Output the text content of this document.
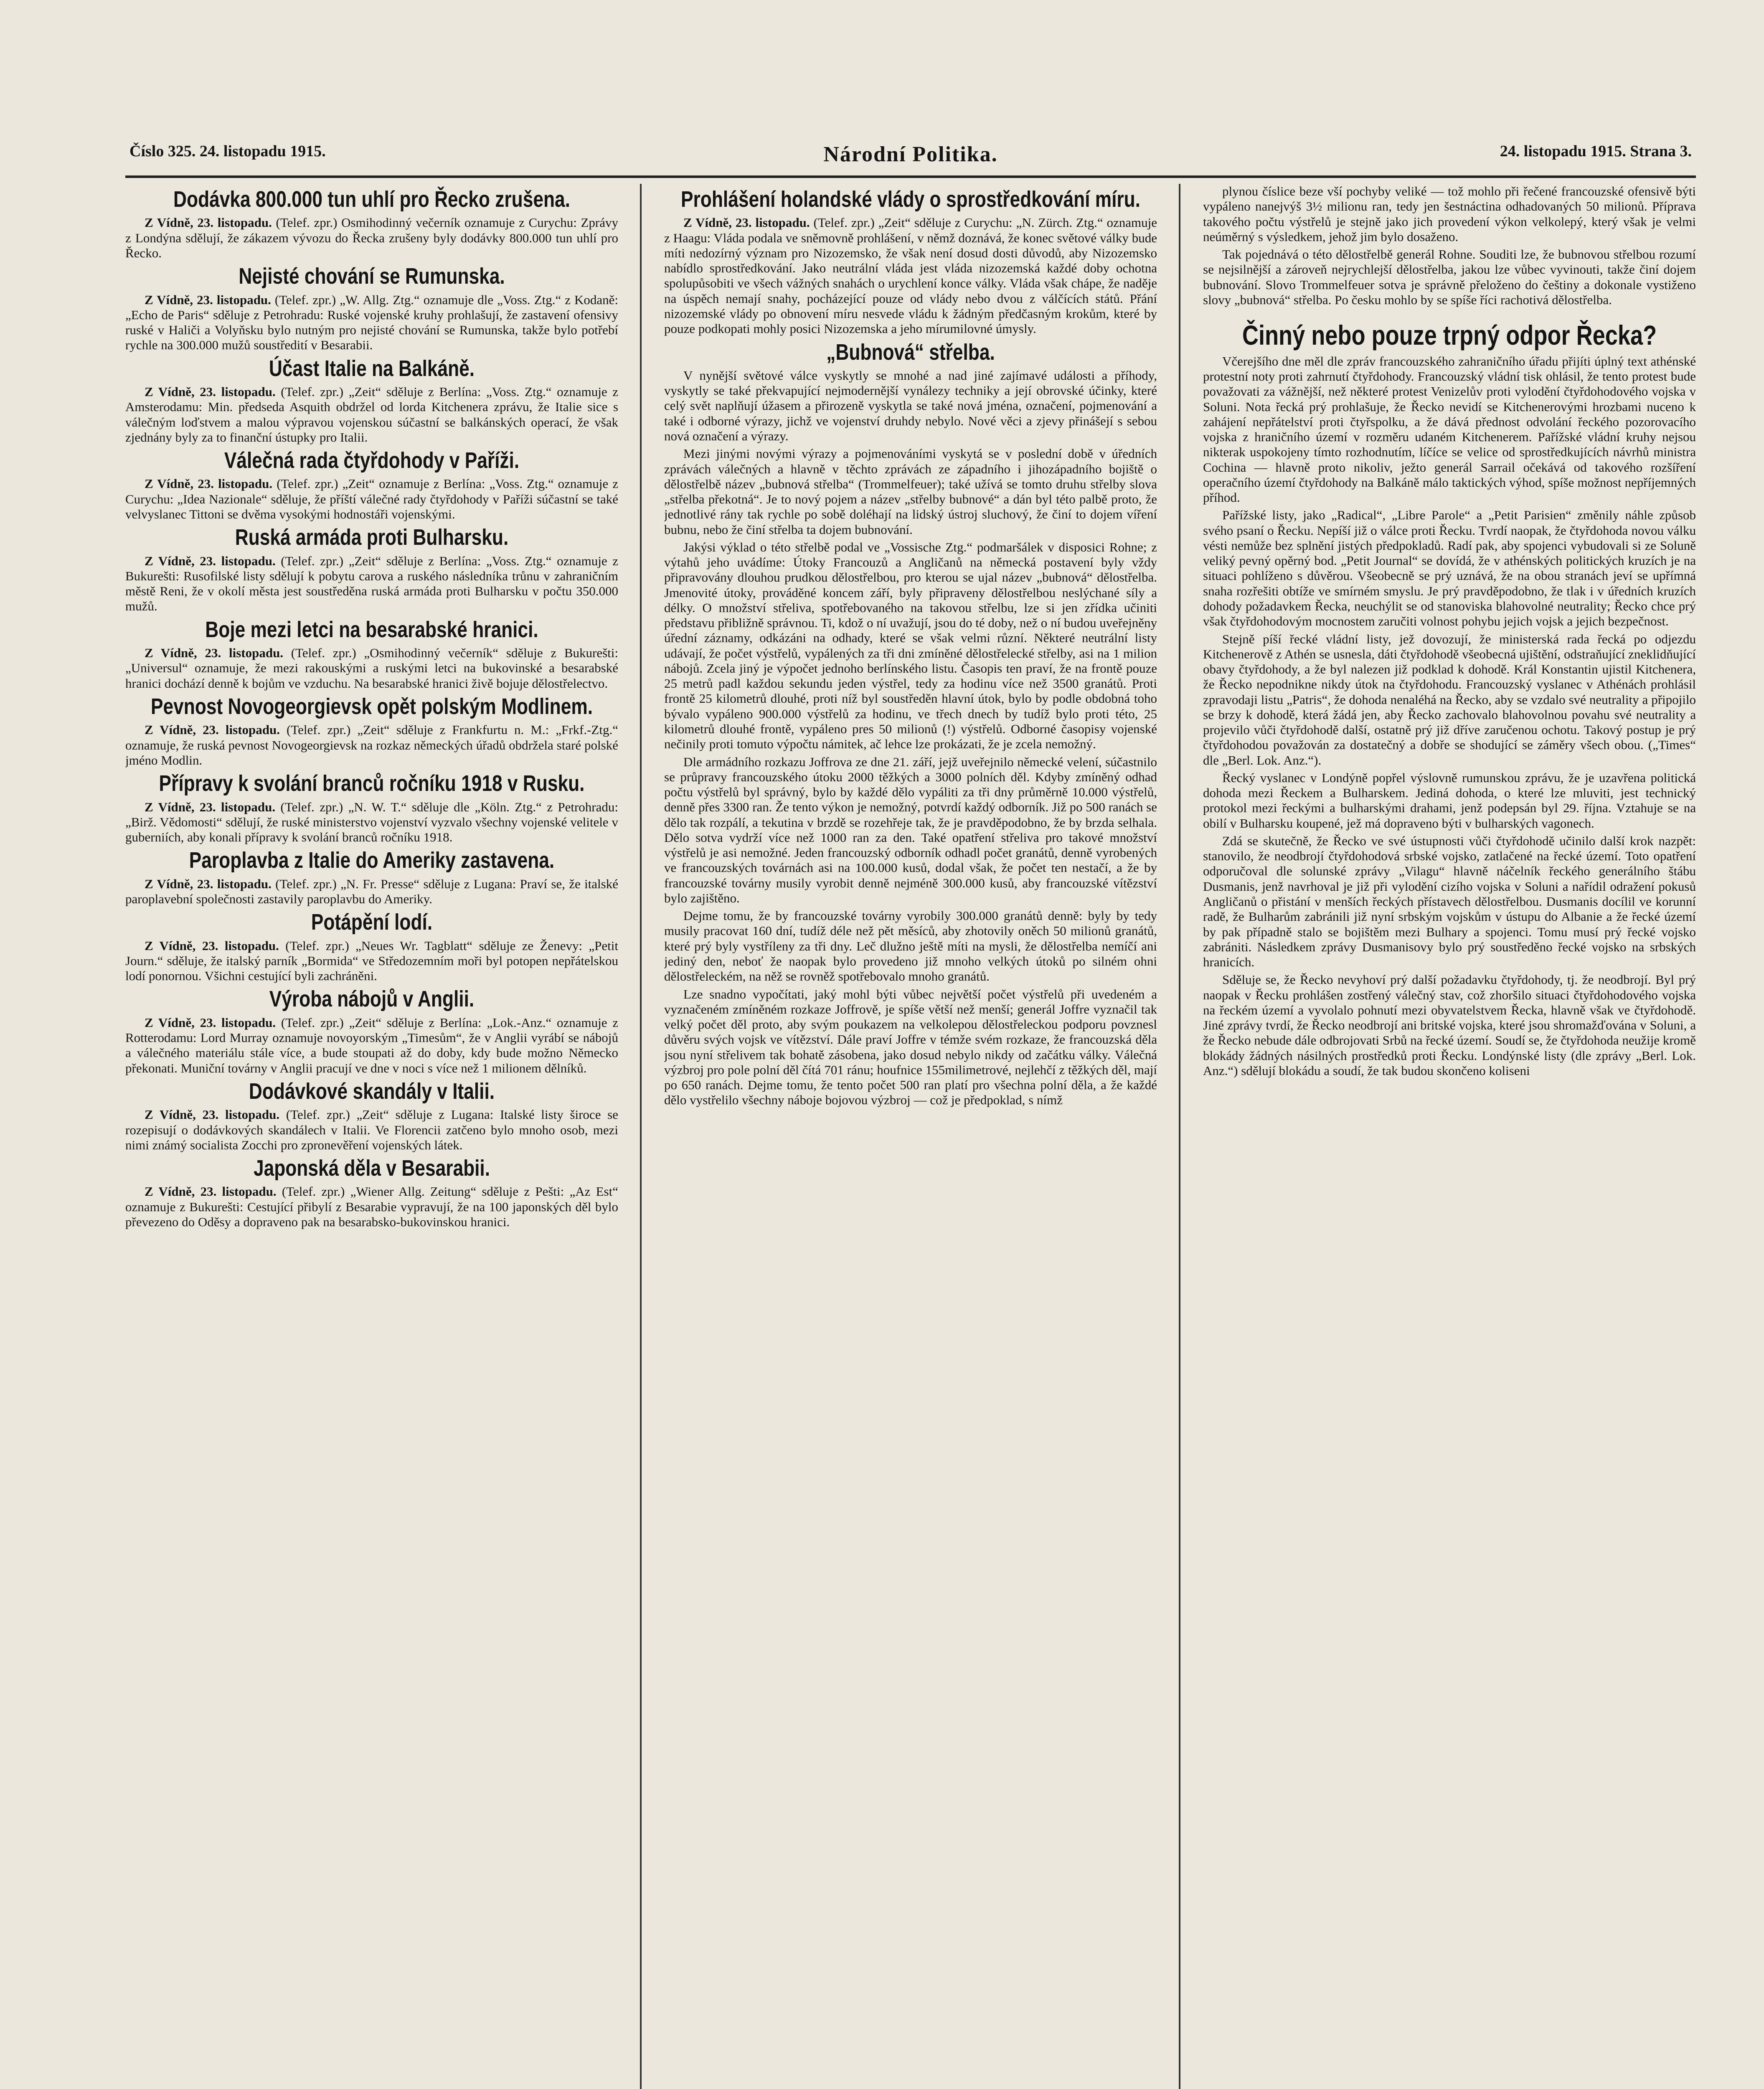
Číslo 325. 24. listopadu 1915.	Národní Politika.	24. listopadu 1915. Strana 3.
Dodávka 800.000 tun uhlí pro Řecko zrušena.

Z Vídně, 23. listopadu. (Telef. zpr.) Osmihodinný večerník oznamuje z Curychu: Zprávy z Londýna sdělují, že zákazem vývozu do Řecka zrušeny byly dodávky 800.000 tun uhlí pro Řecko.

Nejisté chování se Rumunska.

Z Vídně, 23. listopadu. (Telef. zpr.) „W. Allg. Ztg.“ oznamuje dle „Voss. Ztg.“ z Kodaně: „Echo de Paris“ sděluje z Petrohradu: Ruské vojenské kruhy prohlašují, že zastavení ofensivy ruské v Haliči a Volyňsku bylo nutným pro nejisté chování se Rumunska, takže bylo potřebí rychle na 300.000 mužů soustředití v Besarabii.

Účast Italie na Balkáně.

Z Vídně, 23. listopadu. (Telef. zpr.) „Zeit“ sděluje z Berlína: „Voss. Ztg.“ oznamuje z Amsterodamu: Min. předseda Asquith obdržel od lorda Kitchenera zprávu, že Italie sice s válečným loďstvem a malou výpravou vojenskou súčastní se balkánských operací, že však zjednány byly za to finanční ústupky pro Italii.

Válečná rada čtyřdohody v Paříži.

Z Vídně, 23. listopadu. (Telef. zpr.) „Zeit“ oznamuje z Berlína: „Voss. Ztg.“ oznamuje z Curychu: „Idea Nazionale“ sděluje, že příští válečné rady čtyřdohody v Paříži súčastní se také velvyslanec Tittoni se dvěma vysokými hodnostáři vojenskými.

Ruská armáda proti Bulharsku.

Z Vídně, 23. listopadu. (Telef. zpr.) „Zeit“ sděluje z Berlína: „Voss. Ztg.“ oznamuje z Bukurešti: Rusofilské listy sdělují k pobytu carova a ruského následníka trůnu v zahraničním městě Reni, že v okolí města jest soustředěna ruská armáda proti Bulharsku v počtu 350.000 mužů.

Boje mezi letci na besarabské hranici.

Z Vídně, 23. listopadu. (Telef. zpr.) „Osmihodinný večerník“ sděluje z Bukurešti: „Universul“ oznamuje, že mezi rakouskými a ruskými letci na bukovinské a besarabské hranici dochází denně k bojům ve vzduchu. Na besarabské hranici živě bojuje dělostřelectvo.

Pevnost Novogeorgievsk opět polským Modlinem.

Z Vídně, 23. listopadu. (Telef. zpr.) „Zeit“ sděluje z Frankfurtu n. M.: „Frkf.-Ztg.“ oznamuje, že ruská pevnost Novogeorgievsk na rozkaz německých úřadů obdržela staré polské jméno Modlin.

Přípravy k svolání branců ročníku 1918 v Rusku.

Z Vídně, 23. listopadu. (Telef. zpr.) „N. W. T.“ sděluje dle „Köln. Ztg.“ z Petrohradu: „Birž. Vědomosti“ sdělují, že ruské ministerstvo vojenství vyzvalo všechny vojenské velitele v guberniích, aby konali přípravy k svolání branců ročníku 1918.

Paroplavba z Italie do Ameriky zastavena.

Z Vídně, 23. listopadu. (Telef. zpr.) „N. Fr. Presse“ sděluje z Lugana: Praví se, že italské paroplavební společnosti zastavily paroplavbu do Ameriky.

Potápění lodí.

Z Vídně, 23. listopadu. (Telef. zpr.) „Neues Wr. Tagblatt“ sděluje ze Ženevy: „Petit Journ.“ sděluje, že italský parník „Bormida“ ve Středozemním moři byl potopen nepřátelskou lodí ponornou. Všichni cestující byli zachráněni.

Výroba nábojů v Anglii.

Z Vídně, 23. listopadu. (Telef. zpr.) „Zeit“ sděluje z Berlína: „Lok.-Anz.“ oznamuje z Rotterodamu: Lord Murray oznamuje novoyorským „Timesům“, že v Anglii vyrábí se nábojů a válečného materiálu stále více, a bude stoupati až do doby, kdy bude možno Německo překonati. Muniční továrny v Anglii pracují ve dne v noci s více než 1 milionem dělníků.

Dodávkové skandály v Italii.

Z Vídně, 23. listopadu. (Telef. zpr.) „Zeit“ sděluje z Lugana: Italské listy široce se rozepisují o dodávkových skandálech v Italii. Ve Florencii zatčeno bylo mnoho osob, mezi nimi známý socialista Zocchi pro zpronevěření vojenských látek.

Japonská děla v Besarabii.

Z Vídně, 23. listopadu. (Telef. zpr.) „Wiener Allg. Zeitung“ sděluje z Pešti: „Az Est“ oznamuje z Bukurešti: Cestující přibylí z Besarabie vypravují, že na 100 japonských děl bylo převezeno do Oděsy a dopraveno pak na besarabsko-bukovinskou hranici.

Prohlášení holandské vlády o sprostředkování míru.

Z Vídně, 23. listopadu. (Telef. zpr.) „Zeit“ sděluje z Curychu: „N. Zürch. Ztg.“ oznamuje z Haagu: Vláda podala ve sněmovně prohlášení, v němž doznává, že konec světové války bude míti nedozírný význam pro Nizozemsko, že však není dosud dosti důvodů, aby Nizozemsko nabídlo sprostředkování. Jako neutrální vláda jest vláda nizozemská každé doby ochotna spolupůsobiti ve všech vážných snahách o urychlení konce války. Vláda však chápe, že naděje na úspěch nemají snahy, pocházející pouze od vlády nebo dvou z válčících států. Přání nizozemské vlády po obnovení míru nesvede vládu k žádným předčasným krokům, které by pouze podkopati mohly posici Nizozemska a jeho mírumilovné úmysly.

„Bubnová“ střelba.

V nynější světové válce vyskytly se mnohé a nad jiné zajímavé události a příhody, vyskytly se také překvapující nejmodernější vynálezy techniky a její obrovské účinky, které celý svět naplňují úžasem a přirozeně vyskytla se také nová jména, označení, pojmenování a také i odborné výrazy, jichž ve vojenství druhdy nebylo. Nové věci a zjevy přinášejí s sebou nová označení a výrazy.

Mezi jinými novými výrazy a pojmenováními vyskytá se v poslední době v úředních zprávách válečných a hlavně v těchto zprávách ze západního i jihozápadního bojiště o dělostřelbě název „bubnová střelba“ (Trommelfeuer); také užívá se tomto druhu střelby slova „střelba překotná“. Je to nový pojem a název „střelby bubnové“ a dán byl této palbě proto, že jednotlivé rány tak rychle po sobě doléhají na lidský ústroj sluchový, že činí to dojem víření bubnu, nebo že činí střelba ta dojem bubnování.

Jakýsi výklad o této střelbě podal ve „Vossische Ztg.“ podmaršálek v disposici Rohne; z výtahů jeho uvádíme: Útoky Francouzů a Angličanů na německá postavení byly vždy připravovány dlouhou prudkou dělostřelbou, pro kterou se ujal název „bubnová“ dělostřelba. Jmenovité útoky, prováděné koncem září, byly připraveny dělostřelbou neslýchané síly a délky. O množství střeliva, spotřebovaného na takovou střelbu, lze si jen zřídka učiniti představu přibližně správnou. Ti, kdož o ní uvažují, jsou do té doby, než o ní budou uveřejněny úřední záznamy, odkázáni na odhady, které se však velmi různí. Některé neutrální listy udávají, že počet výstřelů, vypálených za tři dni zmíněné dělostřelecké střelby, asi na 1 milion nábojů. Zcela jiný je výpočet jednoho berlínského listu. Časopis ten praví, že na frontě pouze 25 metrů padl každou sekundu jeden výstřel, tedy za hodinu více než 3500 granátů. Proti frontě 25 kilometrů dlouhé, proti níž byl soustředěn hlavní útok, bylo by podle obdobná toho bývalo vypáleno 900.000 výstřelů za hodinu, ve třech dnech by tudíž bylo proti této, 25 kilometrů dlouhé frontě, vypáleno pres 50 milionů (!) výstřelů. Odborné časopisy vojenské nečinily proti tomuto výpočtu námitek, ač lehce lze prokázati, že je zcela nemožný.

Dle armádního rozkazu Joffrova ze dne 21. září, jejž uveřejnilo německé velení, súčastnilo se průpravy francouzského útoku 2000 těžkých a 3000 polních děl. Kdyby zmíněný odhad počtu výstřelů byl správný, bylo by každé dělo vypáliti za tři dny průměrně 10.000 výstřelů, denně přes 3300 ran. Že tento výkon je nemožný, potvrdí každý odborník. Již po 500 ranách se dělo tak rozpálí, a tekutina v brzdě se rozehřeje tak, že je pravděpodobno, že by brzda selhala. Dělo sotva vydrží více než 1000 ran za den. Také opatření střeliva pro takové množství výstřelů je asi nemožné. Jeden francouzský odborník odhadl počet granátů, denně vyrobených ve francouzských továrnách asi na 100.000 kusů, dodal však, že počet ten nestačí, a že by francouzské továrny musily vyrobit denně nejméně 300.000 kusů, aby francouzské vítězství bylo zajištěno.

Dejme tomu, že by francouzské továrny vyrobily 300.000 granátů denně: byly by tedy musily pracovat 160 dní, tudíž déle než pět měsíců, aby zhotovily oněch 50 milionů granátů, které prý byly vystříleny za tři dny. Leč dlužno ještě míti na mysli, že dělostřelba nemíčí ani jediný den, neboť že naopak bylo provedeno již mnoho velkých útoků po silném ohni dělostřeleckém, na něž se rovněž spotřebovalo mnoho granátů.

Lze snadno vypočítati, jaký mohl býti vůbec největší počet výstřelů při uvedeném a vyznačeném zmíněném rozkaze Joffrově, je spíše větší než menší; generál Joffre vyznačil tak velký počet děl proto, aby svým poukazem na velkolepou dělostřeleckou podporu povznesl důvěru svých vojsk ve vítězství. Dále praví Joffre v témže svém rozkaze, že francouzská děla jsou nyní střelivem tak bohatě zásobena, jako dosud nebylo nikdy od začátku války. Válečná výzbroj pro pole polní děl čítá 701 ránu; houfnice 155milimetrové, nejlehčí z těžkých děl, mají po 650 ranách. Dejme tomu, že tento počet 500 ran platí pro všechna polní děla, a že každé dělo vystřelilo všechny náboje bojovou výzbroj — což je předpoklad, s nímž

plynou číslice beze vší pochyby veliké — tož mohlo při řečené francouzské ofensivě býti vypáleno nanejvýš 3½ milionu ran, tedy jen šestnáctina odhadovaných 50 milionů. Příprava takového počtu výstřelů je stejně jako jich provedení výkon velkolepý, který však je velmi neúměrný s výsledkem, jehož jim bylo dosaženo.

Tak pojednává o této dělostřelbě generál Rohne. Souditi lze, že bubnovou střelbou rozumí se nejsilnější a zároveň nejrychlejší dělostřelba, jakou lze vůbec vyvinouti, takže činí dojem bubnování. Slovo Trommelfeuer sotva je správně přeloženo do češtiny a dokonale vystiženo slovy „bubnová“ střelba. Po česku mohlo by se spíše říci rachotivá dělostřelba.

Činný nebo pouze trpný odpor Řecka?

Včerejšího dne měl dle zpráv francouzského zahraničního úřadu přijíti úplný text athénské protestní noty proti zahrnutí čtyřdohody. Francouzský vládní tisk ohlásil, že tento protest bude považovati za vážnější, než některé protest Venizelův proti vylodění čtyřdohodového vojska v Soluni. Nota řecká prý prohlašuje, že Řecko nevidí se Kitchenerovými hrozbami nuceno k zahájení nepřátelství proti čtyřspolku, a že dává přednost odvolání řeckého pozorovacího vojska z hraničního území v rozměru udaném Kitchenerem. Pařížské vládní kruhy nejsou nikterak uspokojeny tímto rozhodnutím, líčíce se velice od sprostředkujících návrhů ministra Cochina — hlavně proto nikoliv, ježto generál Sarrail očekává od takového rozšíření operačního území čtyřdohody na Balkáně málo taktických výhod, spíše možnost nepříjemných příhod.

Pařížské listy, jako „Radical“, „Libre Parole“ a „Petit Parisien“ změnily náhle způsob svého psaní o Řecku. Nepíší již o válce proti Řecku. Tvrdí naopak, že čtyřdohoda novou válku vésti nemůže bez splnění jistých předpokladů. Radí pak, aby spojenci vybudovali si ze Soluně veliký pevný opěrný bod. „Petit Journal“ se dovídá, že v athénských politických kruzích je na situaci pohlíženo s důvěrou. Všeobecně se prý uznává, že na obou stranách jeví se upřímná snaha rozřešiti obtíže ve smírném smyslu. Je prý pravděpodobno, že tlak i v úředních kruzích dohody požadavkem Řecka, neuchýlit se od stanoviska blahovolné neutrality; Řecko chce prý však čtyřdohodovým mocnostem zaručiti volnost pohybu jejich vojsk a jejich bezpečnost.

Stejně píší řecké vládní listy, jež dovozují, že ministerská rada řecká po odjezdu Kitchenerově z Athén se usnesla, dáti čtyřdohodě všeobecná ujištění, odstraňující zneklidňující obavy čtyřdohody, a že byl nalezen již podklad k dohodě. Král Konstantin ujistil Kitchenera, že Řecko nepodnikne nikdy útok na čtyřdohodu. Francouzský vyslanec v Athénách prohlásil zpravodaji listu „Patris“, že dohoda nenaléhá na Řecko, aby se vzdalo své neutrality a připojilo se brzy k dohodě, která žádá jen, aby Řecko zachovalo blahovolnou povahu své neutrality a projevilo vůči čtyřdohodě další, ostatně prý již dříve zaručenou ochotu. Takový postup je prý čtyřdohodou považován za dostatečný a dobře se shodující se záměry všech obou. („Times“ dle „Berl. Lok. Anz.“).

Řecký vyslanec v Londýně popřel výslovně rumunskou zprávu, že je uzavřena politická dohoda mezi Řeckem a Bulharskem. Jediná dohoda, o které lze mluviti, jest technický protokol mezi řeckými a bulharskými drahami, jenž podepsán byl 29. října. Vztahuje se na obilí v Bulharsku koupené, jež má dopraveno býti v bulharských vagonech.

Zdá se skutečně, že Řecko ve své ústupnosti vůči čtyřdohodě učinilo další krok nazpět: stanovilo, že neodbrojí čtyřdohodová srbské vojsko, zatlačené na řecké území. Toto opatření odporučoval dle solunské zprávy „Vilagu“ hlavně náčelník řeckého generálního štábu Dusmanis, jenž navrhoval je již při vylodění cizího vojska v Soluni a nařídil odražení pokusů Angličanů o přistání v menších řeckých přístavech dělostřelbou. Dusmanis docílil ve korunní radě, že Bulharům zabránili již nyní srbským vojskům v ústupu do Albanie a že řecké území by pak případně stalo se bojištěm mezi Bulhary a spojenci. Tomu musí prý řecké vojsko zabrániti. Následkem zprávy Dusmanisovy bylo prý soustředěno řecké vojsko na srbských hranicích.

Sděluje se, že Řecko nevyhoví prý další požadavku čtyřdohody, tj. že neodbrojí. Byl prý naopak v Řecku prohlášen zostřený válečný stav, což zhoršilo situaci čtyřdohodového vojska na řeckém území a vyvolalo pohnutí mezi obyvatelstvem Řecka, hlavně však ve čtyřdohodě. Jiné zprávy tvrdí, že Řecko neodbrojí ani britské vojska, které jsou shromažďována v Soluni, a že Řecko nebude dále odbrojovati Srbů na řecké území. Soudí se, že čtyřdohoda neužije kromě blokády žádných násilných prostředků proti Řecku. Londýnské listy (dle zprávy „Berl. Lok. Anz.“) sdělují blokádu a soudí, že tak budou skončeno koliseni
